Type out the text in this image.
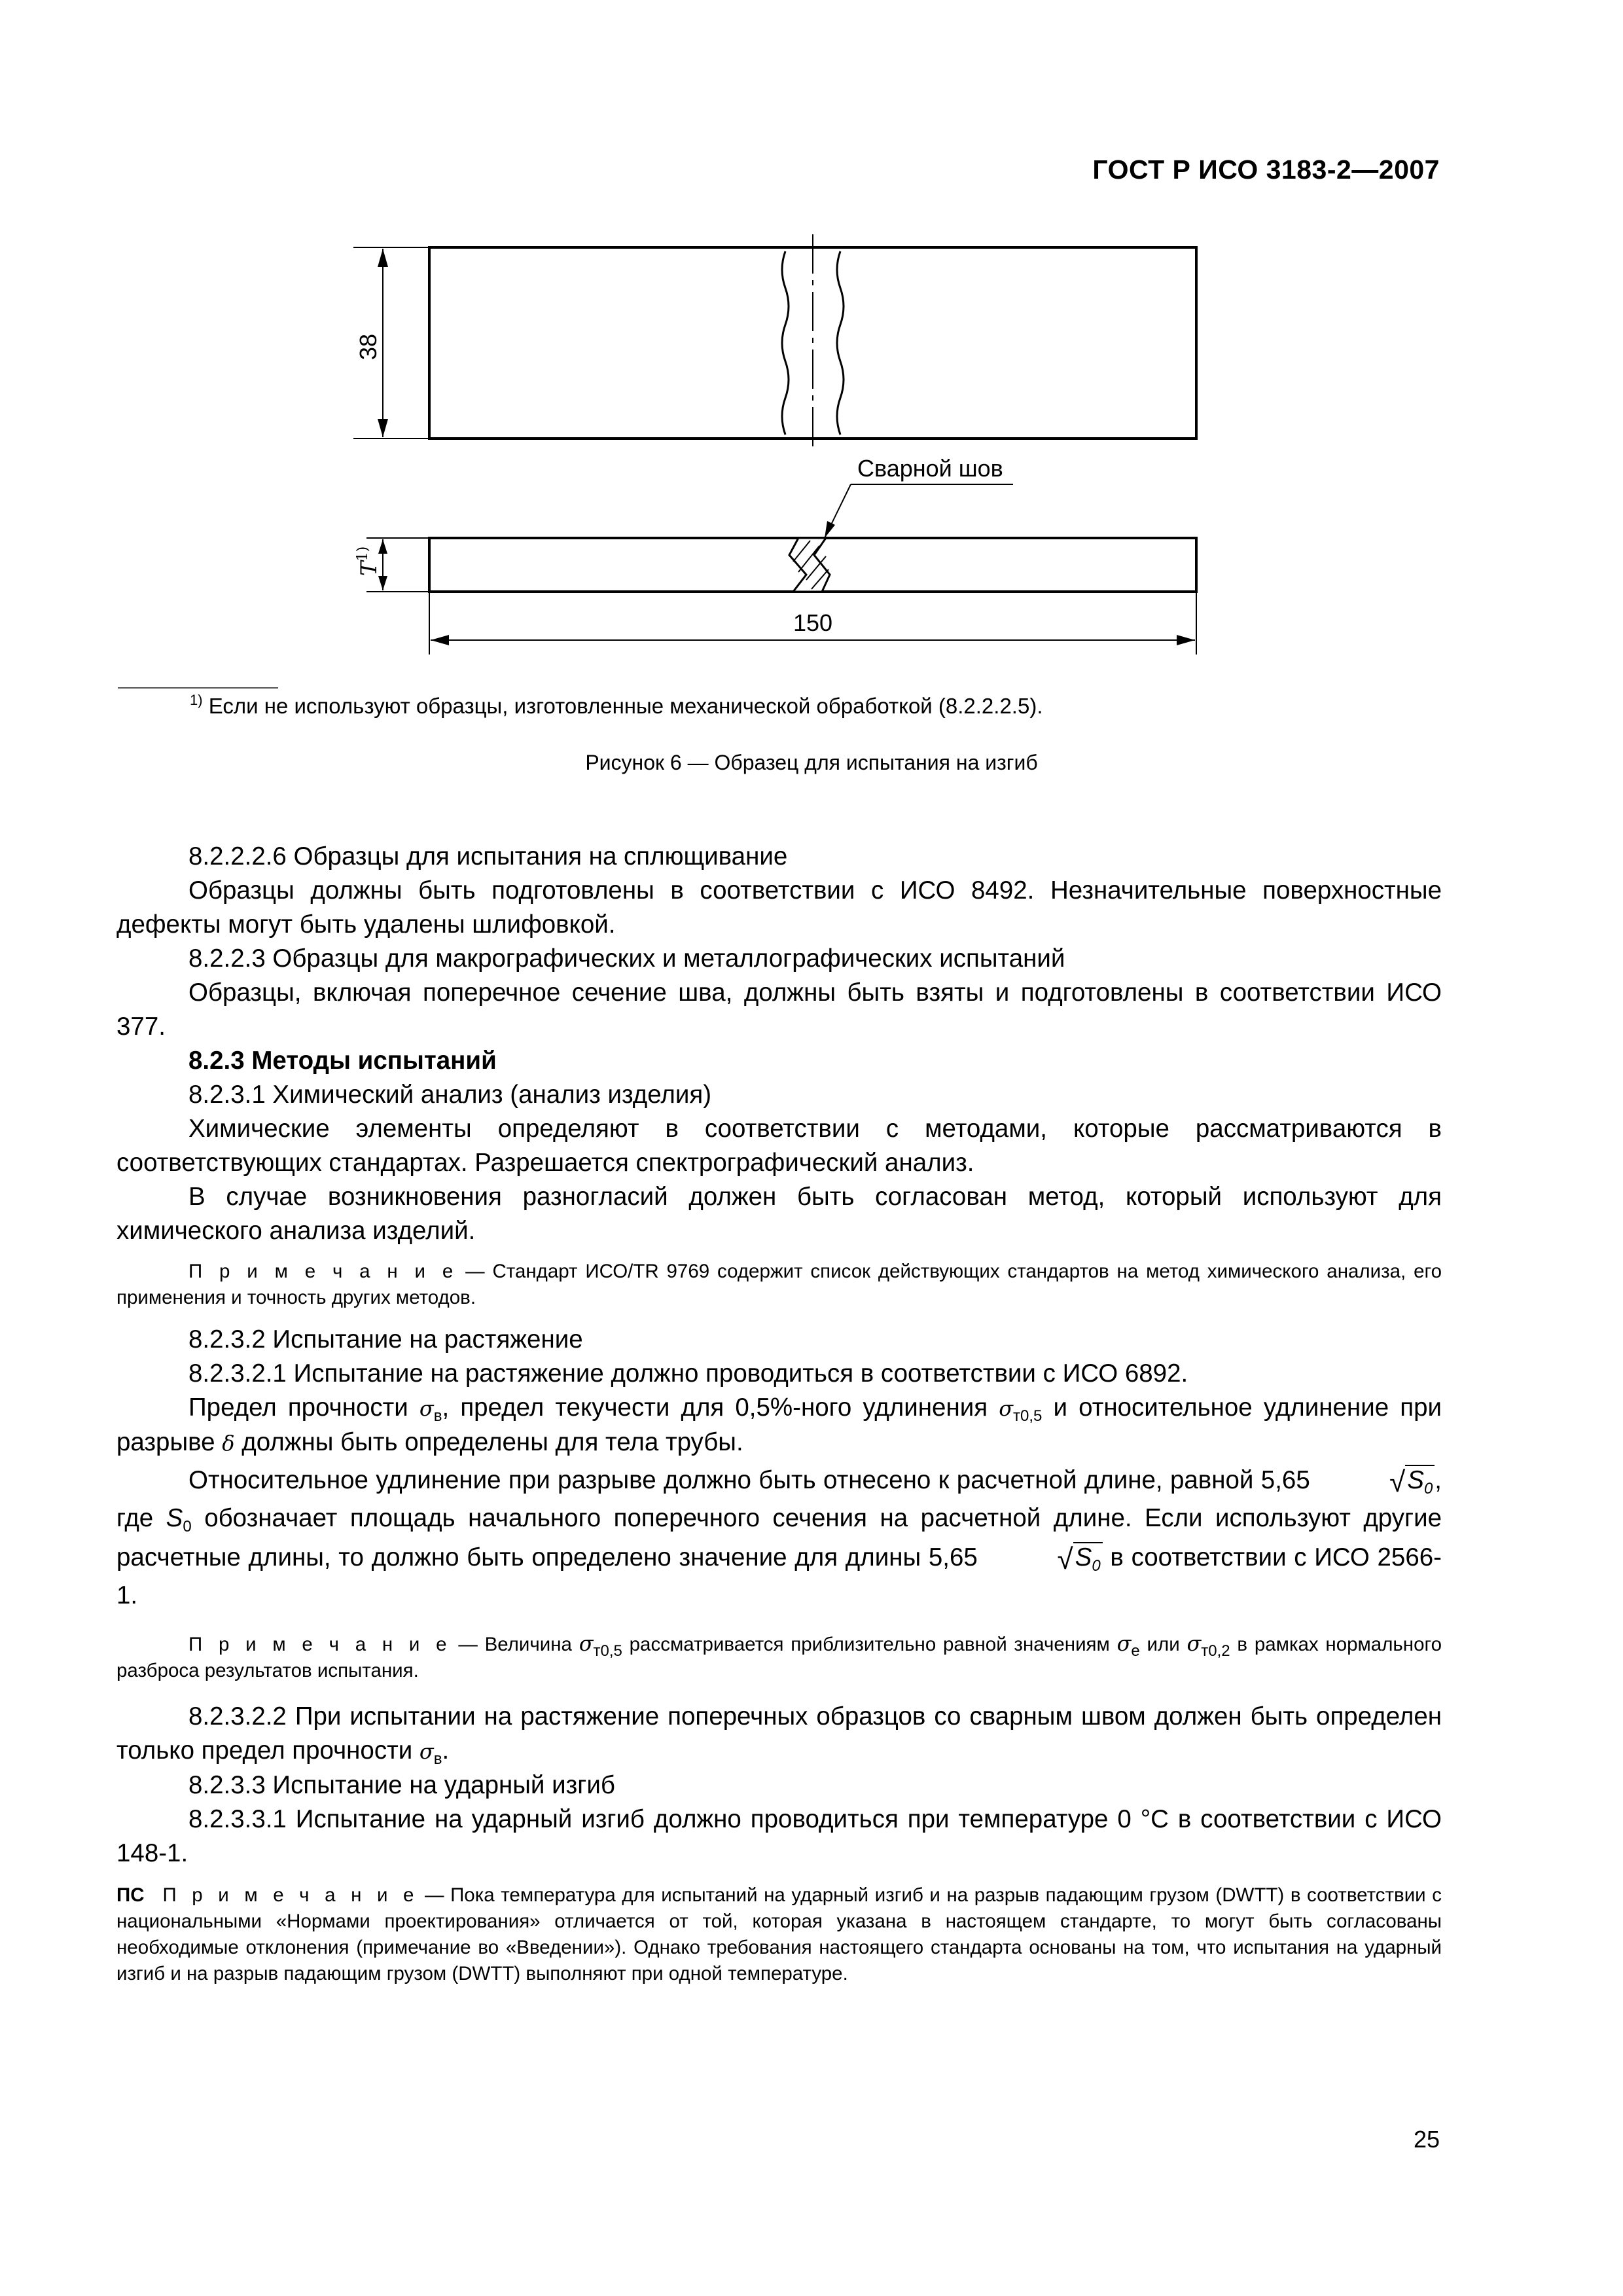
ГОСТ Р ИСО 3183-2—2007
38
Сварной шов
$T^{1)}$
150
$^{1)}$ Если не используют образцы, изготовленные механической обработкой (8.2.2.2.5).
Рисунок 6 — Образец для испытания на изгиб

8.2.2.2.6 Образцы для испытания на сплющивание

Образцы должны быть подготовлены в соответствии с ИСО 8492. Незначительные поверхностные дефекты могут быть удалены шлифовкой.

8.2.2.3 Образцы для макрографических и металлографических испытаний

Образцы, включая поперечное сечение шва, должны быть взяты и подготовлены в соответствии ИСО 377.

8.2.3 Методы испытаний

8.2.3.1 Химический анализ (анализ изделия)

Химические элементы определяют в соответствии с методами, которые рассматриваются в соответствующих стандартах. Разрешается спектрографический анализ.

В случае возникновения разногласий должен быть согласован метод, который используют для химического анализа изделий.

П р и м е ч а н и е — Стандарт ИСО/TR 9769 содержит список действующих стандартов на метод химического анализа, его применения и точность других методов.

8.2.3.2 Испытание на растяжение

8.2.3.2.1 Испытание на растяжение должно проводиться в соответствии с ИСО 6892.

Предел прочности $\sigma_в$, предел текучести для 0,5%-ного удлинения $\sigma_{т0,5}$ и относительное удлинение при разрыве δ должны быть определены для тела трубы.

Относительное удлинение при разрыве должно быть отнесено к расчетной длине, равной 5,65	$√S_0$, где $S_0$ обозначает площадь начального поперечного сечения на расчетной длине. Если используют другие расчетные длины, то должно быть определено значение для длины 5,65	$√S_0$ в соответствии с ИСО 2566-1.

П р и м е ч а н и е — Величина $\sigma_{т0,5}$ рассматривается приблизительно равной значениям $\sigma_е$ или $\sigma_{т0,2}$ в рамках нормального разброса результатов испытания.

8.2.3.2.2 При испытании на растяжение поперечных образцов со сварным швом должен быть определен только предел прочности $\sigma_в$.

8.2.3.3 Испытание на ударный изгиб

8.2.3.3.1 Испытание на ударный изгиб должно проводиться при температуре 0 °С в соответствии с ИСО 148-1.

ПС П р и м е ч а н и е — Пока температура для испытаний на ударный изгиб и на разрыв падающим грузом (DWTT) в соответствии с национальными «Нормами проектирования» отличается от той, которая указана в настоящем стандарте, то могут быть согласованы необходимые отклонения (примечание во «Введении»). Однако требования настоящего стандарта основаны на том, что испытания на ударный изгиб и на разрыв падающим грузом (DWTT) выполняют при одной температуре.

25
